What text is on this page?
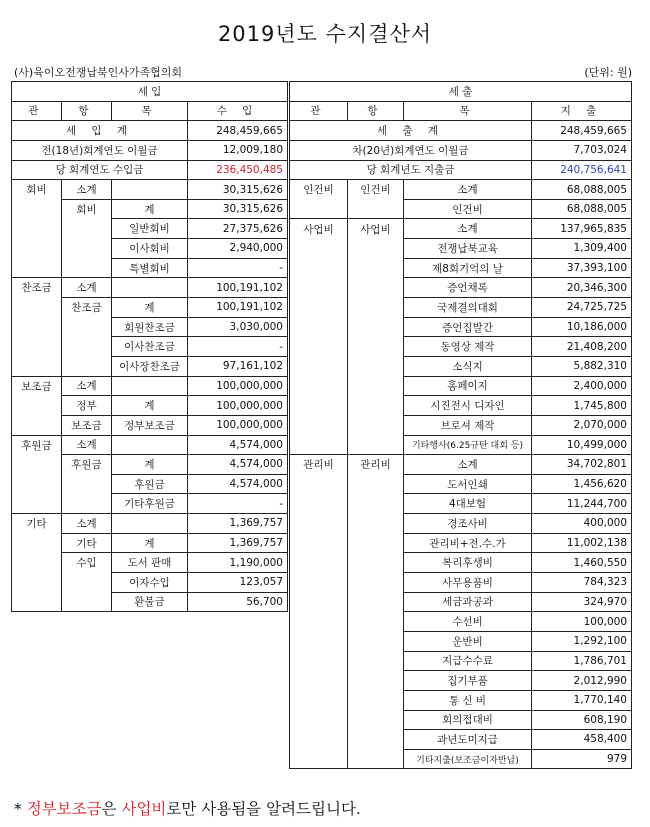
2019년도 수지결산서
(사)육이오전쟁납북인사가족협의회	(단위: 원)
세 입			
관	항	목	수 입
세 입 계			248,459,665
전(18년)회계연도 이월금			12,009,180
당 회계연도 수입금			236,450,485
회비	소계		30,315,626
	회비	계	30,315,626
		일반회비	27,375,626
		이사회비	2,940,000
		특별회비	-
찬조금	소계		100,191,102
	찬조금	계	100,191,102
		회원찬조금	3,030,000
		이사찬조금	-
		이사장찬조금	97,161,102
보조금	소계		100,000,000
	정부	계	100,000,000
	보조금	정부보조금	100,000,000
후원금	소계		4,574,000
	후원금	계	4,574,000
		후원금	4,574,000
		기타후원금	-
기타	소계		1,369,757
	기타	계	1,369,757
	수입	도서 판매	1,190,000
		이자수입	123,057
		환불금	56,700
세 출			
관	항	목	지 출
세 출 계			248,459,665
차(20년)회계연도 이월금			7,703,024
당 회계년도 지출금			240,756,641
인건비	인건비	소계	68,088,005
		인건비	68,088,005
사업비	사업비	소계	137,965,835
		전쟁납북교육	1,309,400
		제8회기억의 날	37,393,100
		증언채록	20,346,300
		국제결의대회	24,725,725
		증언집발간	10,186,000
		동영상 제작	21,408,200
		소식지	5,882,310
		홈페이지	2,400,000
		시진전시 디자인	1,745,800
		브로셔 제작	2,070,000
		기타행사(6.25규탄 대회 등)	10,499,000
관리비	관리비	소계	34,702,801
		도서인쇄	1,456,620
		4대보험	11,244,700
		경조사비	400,000
		관리비+전.수.가	11,002,138
		복리후생비	1,460,550
		사무용품비	784,323
		세금과공과	324,970
		수선비	100,000
		운반비	1,292,100
		지급수수료	1,786,701
		집기부품	2,012,990
		통 신 비	1,770,140
		회의접대비	608,190
		과년도미지급	458,400
		기타지출(보조금이자반납)	979
* 정부보조금은 사업비로만 사용됨을 알려드립니다.
